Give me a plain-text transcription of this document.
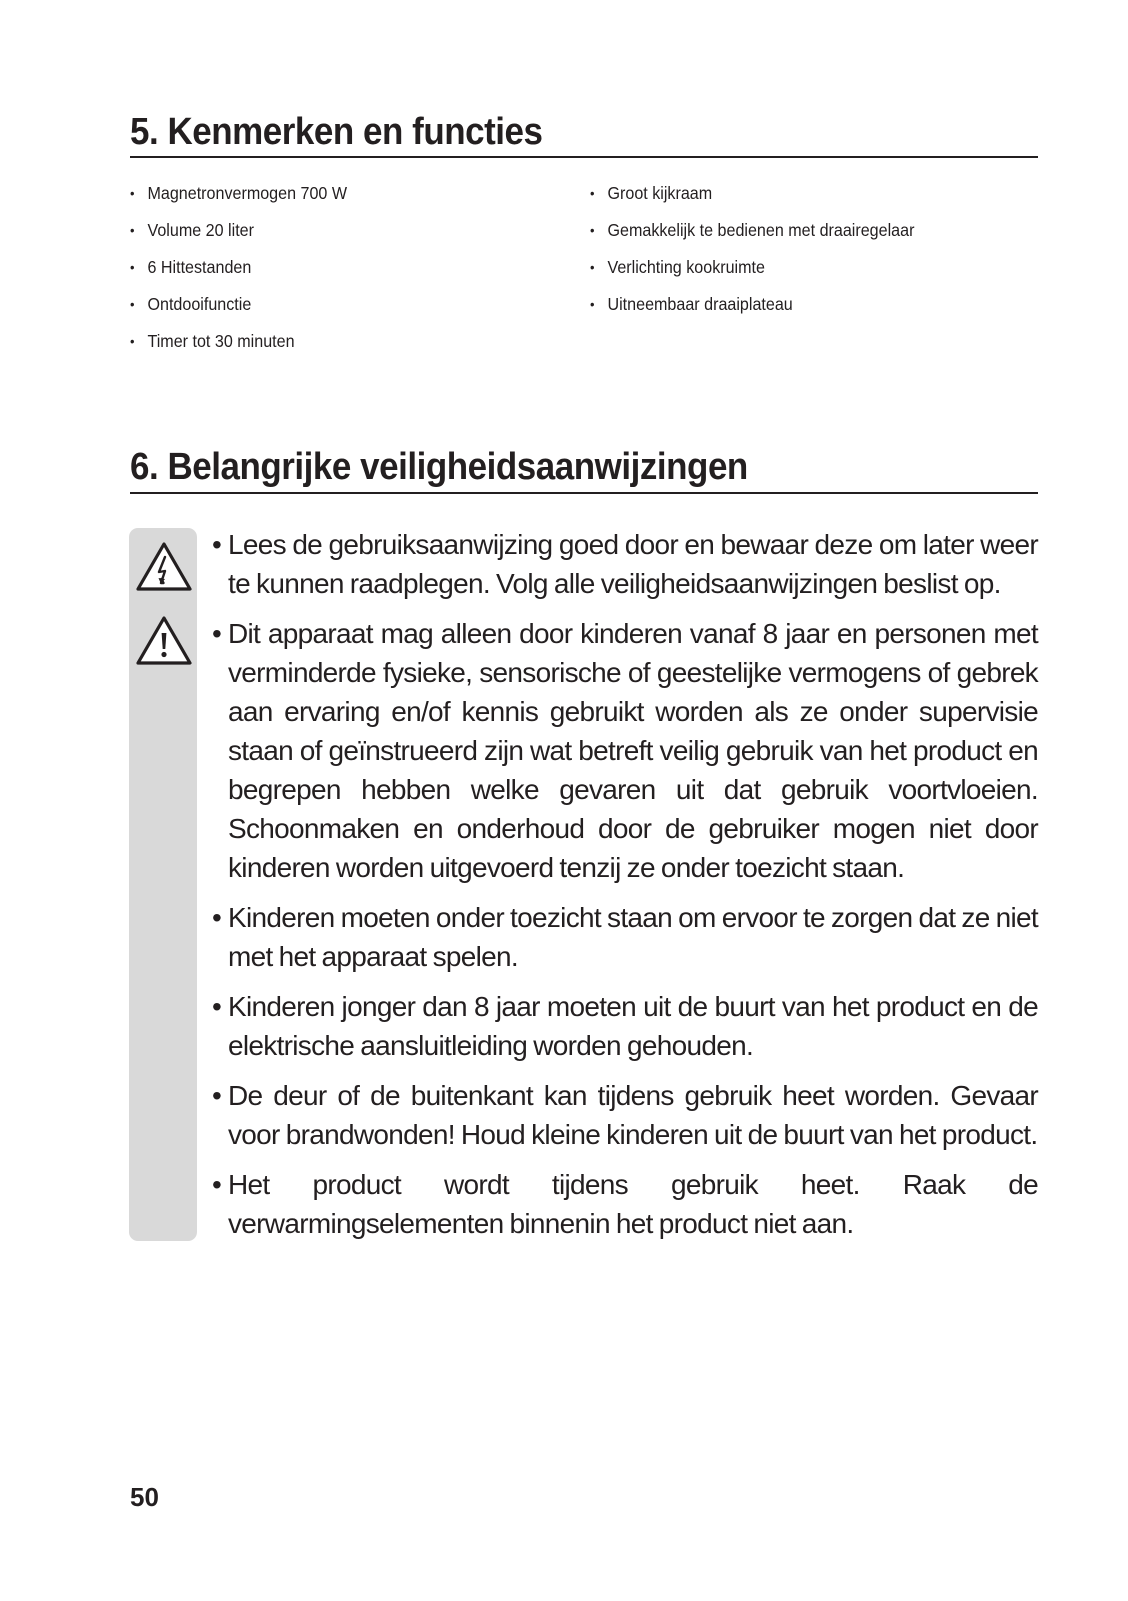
5. Kenmerken en functies
• Magnetronvermogen 700 W
• Volume 20 liter
• 6 Hittestanden
• Ontdooifunctie
• Timer tot 30 minuten
• Groot kijkraam
• Gemakkelijk te bedienen met draairegelaar
• Verlichting kookruimte
• Uitneembaar draaiplateau
6. Belangrijke veiligheidsaanwijzingen
• Lees de gebruiksaanwijzing goed door en bewaar deze om later weer te kunnen raadplegen. Volg alle veiligheidsaanwijzingen beslist op.
• Dit apparaat mag alleen door kinderen vanaf 8 jaar en personen met verminderde fysieke, sensorische of geestelijke vermogens of gebrek aan ervaring en/of kennis gebruikt worden als ze onder supervisie staan of geïnstrueerd zijn wat betreft veilig gebruik van het product en begrepen hebben welke gevaren uit dat gebruik voortvloeien. Schoonmaken en onderhoud door de gebruiker mogen niet door kinderen worden uitgevoerd tenzij ze onder toezicht staan.
• Kinderen moeten onder toezicht staan om ervoor te zorgen dat ze niet met het apparaat spelen.
• Kinderen jonger dan 8 jaar moeten uit de buurt van het product en de elektrische aansluitleiding worden gehouden.
• De deur of de buitenkant kan tijdens gebruik heet worden. Gevaar voor brandwonden! Houd kleine kinderen uit de buurt van het product.
• Het product wordt tijdens gebruik heet. Raak de verwarmingselementen binnenin het product niet aan.
50
